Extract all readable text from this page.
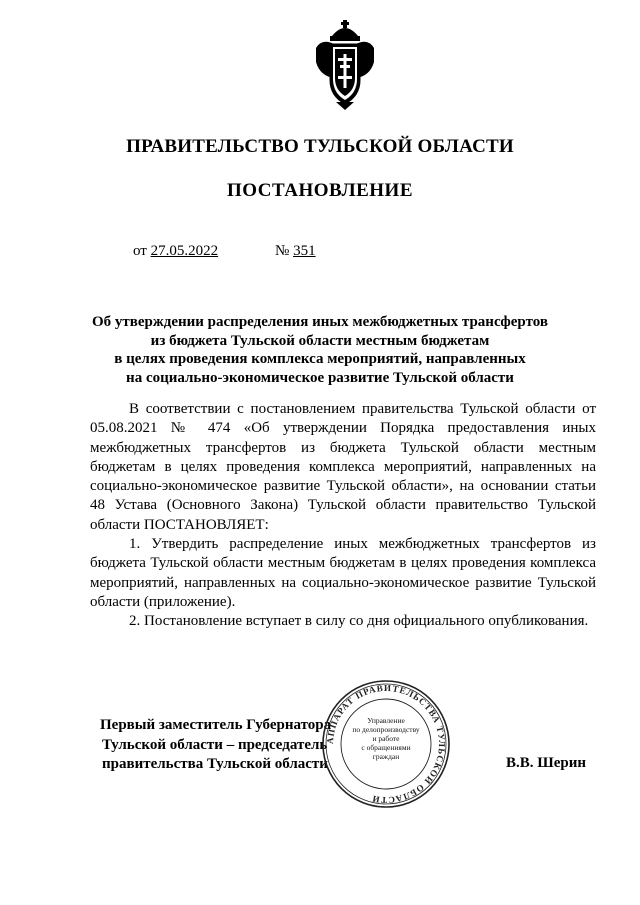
ПРАВИТЕЛЬСТВО ТУЛЬСКОЙ ОБЛАСТИ
ПОСТАНОВЛЕНИЕ
от 27.05.2022	№ 351
Об утверждении распределения иных межбюджетных трансфертов
из бюджета Тульской области местным бюджетам
в целях проведения комплекса мероприятий, направленных
на социально-экономическое развитие Тульской области

В соответствии с постановлением правительства Тульской области от 05.08.2021 № 474 «Об утверждении Порядка предоставления иных межбюджетных трансфертов из бюджета Тульской области местным бюджетам в целях проведения комплекса мероприятий, направленных на социально-экономическое развитие Тульской области», на основании статьи 48 Устава (Основного Закона) Тульской области правительство Тульской области ПОСТАНОВЛЯЕТ:

1. Утвердить распределение иных межбюджетных трансфертов из бюджета Тульской области местным бюджетам в целях проведения комплекса мероприятий, направленных на социально-экономическое развитие Тульской области (приложение).

2. Постановление вступает в силу со дня официального опубликования.

Первый заместитель Губернатора
Тульской области – председатель
правительства Тульской области
АППАРАТ ПРАВИТЕЛЬСТВА ТУЛЬСКОЙ ОБЛАСТИ
Управление
по делопроизводству
и работе
с обращениями
граждан	В.В. Шерин
